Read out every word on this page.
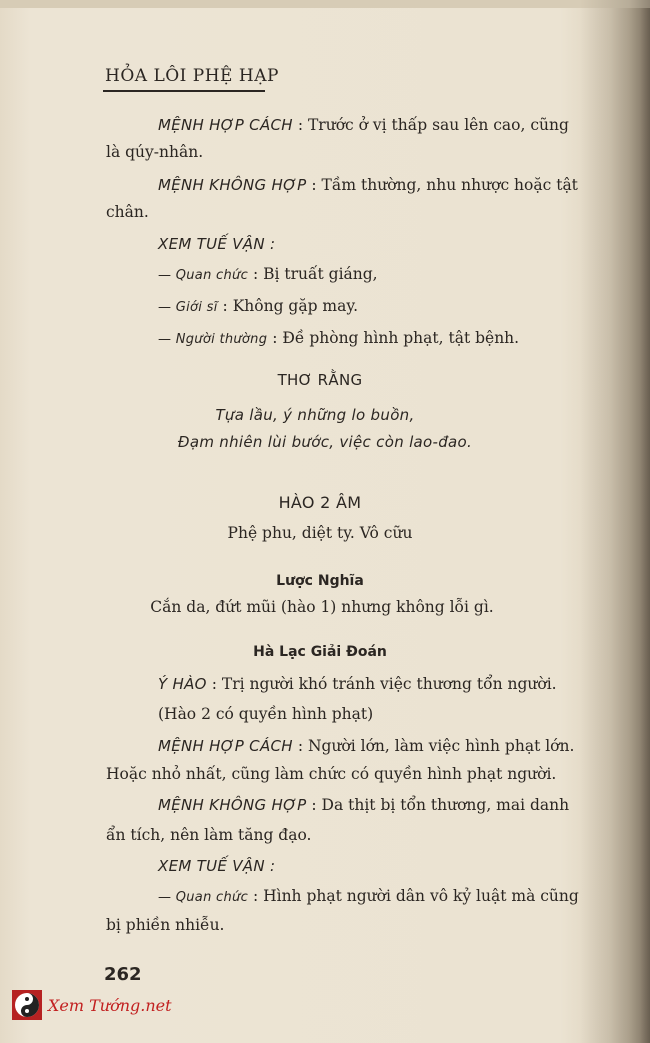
HỎA LÔI PHỆ HẠP
MỆNH HỢP CÁCH : Trước ở vị thấp sau lên cao, cũng
là qúy-nhân.
MỆNH KHÔNG HỢP : Tầm thường, nhu nhược hoặc tật
chân.
XEM TUẾ VẬN :
— Quan chức : Bị truất giáng,
— Giới sĩ : Không gặp may.
— Người thường : Đề phòng hình phạt, tật bệnh.
THƠ RẰNG
Tựa lầu, ý những lo buồn,
Đạm nhiên lùi bước, việc còn lao-đao.
HÀO 2 ÂM
Phệ phu, diệt ty. Vô cữu
Lược Nghĩa
Cắn da, đứt mũi (hào 1) nhưng không lỗi gì.
Hà Lạc Giải Đoán
Ý HÀO : Trị người khó tránh việc thương tổn người.
(Hào 2 có quyền hình phạt)
MỆNH HỢP CÁCH : Người lớn, làm việc hình phạt lớn.
Hoặc nhỏ nhất, cũng làm chức có quyền hình phạt người.
MỆNH KHÔNG HỢP : Da thịt bị tổn thương, mai danh
ẩn tích, nên làm tăng đạo.
XEM TUẾ VẬN :
— Quan chức : Hình phạt người dân vô kỷ luật mà cũng
bị phiền nhiễu.
262
Xem Tướng.net
